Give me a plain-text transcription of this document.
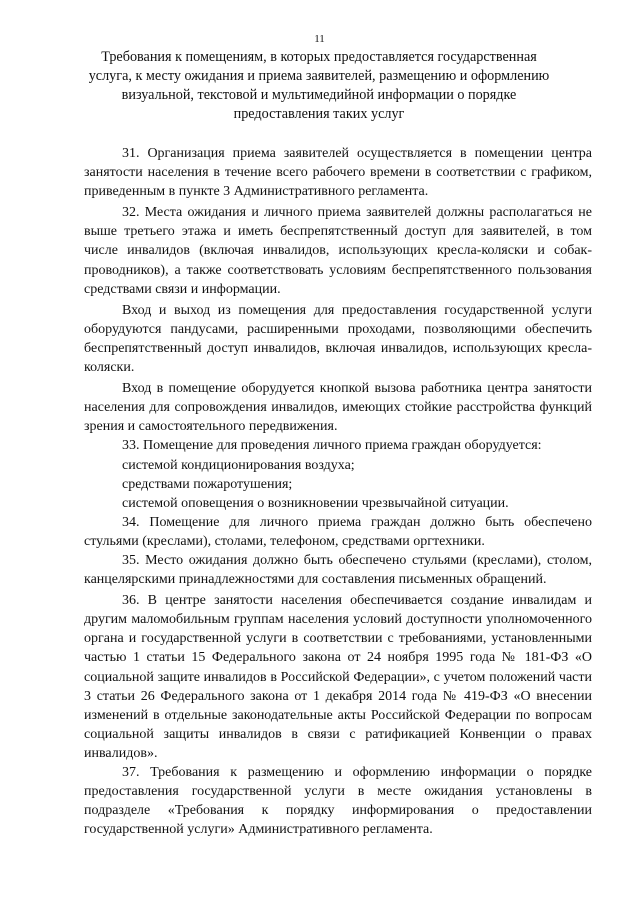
11
Требования к помещениям, в которых предоставляется государственная услуга, к месту ожидания и приема заявителей, размещению и оформлению визуальной, текстовой и мультимедийной информации о порядке предоставления таких услуг

31. Организация приема заявителей осуществляется в помещении центра занятости населения в течение всего рабочего времени в соответствии с графиком, приведенным в пункте 3 Административного регламента.

32. Места ожидания и личного приема заявителей должны располагаться не выше третьего этажа и иметь беспрепятственный доступ для заявителей, в том числе инвалидов (включая инвалидов, использующих кресла-коляски и собак-проводников), а также соответствовать условиям беспрепятственного пользования средствами связи и информации.

Вход и выход из помещения для предоставления государственной услуги оборудуются пандусами, расширенными проходами, позволяющими обеспечить беспрепятственный доступ инвалидов, включая инвалидов, использующих кресла-коляски.

Вход в помещение оборудуется кнопкой вызова работника центра занятости населения для сопровождения инвалидов, имеющих стойкие расстройства функций зрения и самостоятельного передвижения.

33. Помещение для проведения личного приема граждан оборудуется:

системой кондиционирования воздуха;

средствами пожаротушения;

системой оповещения о возникновении чрезвычайной ситуации.

34. Помещение для личного приема граждан должно быть обеспечено стульями (креслами), столами, телефоном, средствами оргтехники.

35. Место ожидания должно быть обеспечено стульями (креслами), столом, канцелярскими принадлежностями для составления письменных обращений.

36. В центре занятости населения обеспечивается создание инвалидам и другим маломобильным группам населения условий доступности уполномоченного органа и государственной услуги в соответствии с требованиями, установленными частью 1 статьи 15 Федерального закона от 24 ноября 1995 года № 181-ФЗ «О социальной защите инвалидов в Российской Федерации», с учетом положений части 3 статьи 26 Федерального закона от 1 декабря 2014 года № 419-ФЗ «О внесении изменений в отдельные законодательные акты Российской Федерации по вопросам социальной защиты инвалидов в связи с ратификацией Конвенции о правах инвалидов».

37. Требования к размещению и оформлению информации о порядке предоставления государственной услуги в месте ожидания установлены в подразделе «Требования к порядку информирования о предоставлении государственной услуги» Административного регламента.
